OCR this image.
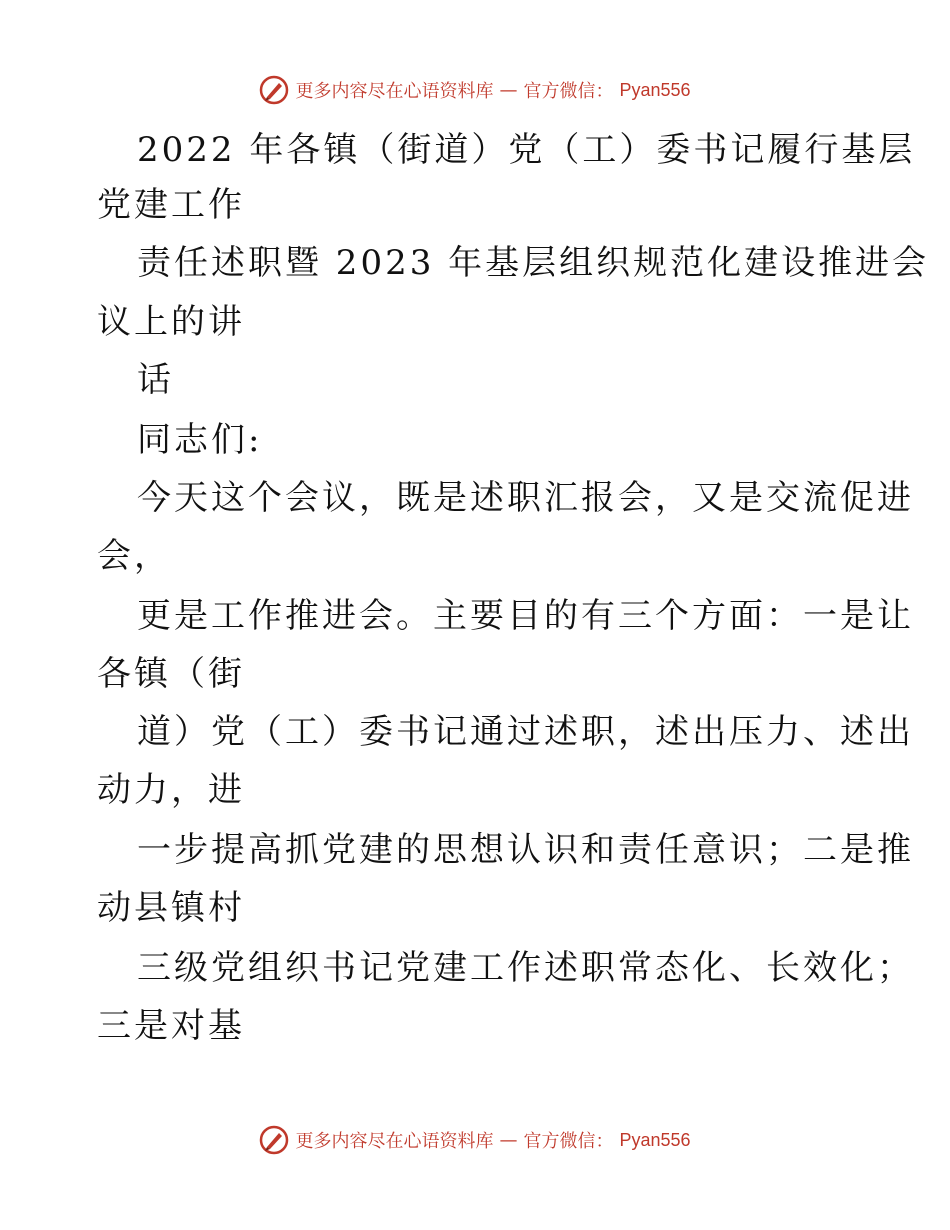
更多内容尽在心语资料库 — 官方微信： Pyan556
2022 年各镇（街道）党（工）委书记履行基层
党建工作
责任述职暨 2023 年基层组织规范化建设推进会
议上的讲
话
同志们:
今天这个会议，既是述职汇报会，又是交流促进
会，
更是工作推进会。主要目的有三个方面：一是让
各镇（街
道）党（工）委书记通过述职，述出压力、述出
动力，进
一步提高抓党建的思想认识和责任意识；二是推
动县镇村
三级党组织书记党建工作述职常态化、长效化；
三是对基
更多内容尽在心语资料库 — 官方微信： Pyan556
